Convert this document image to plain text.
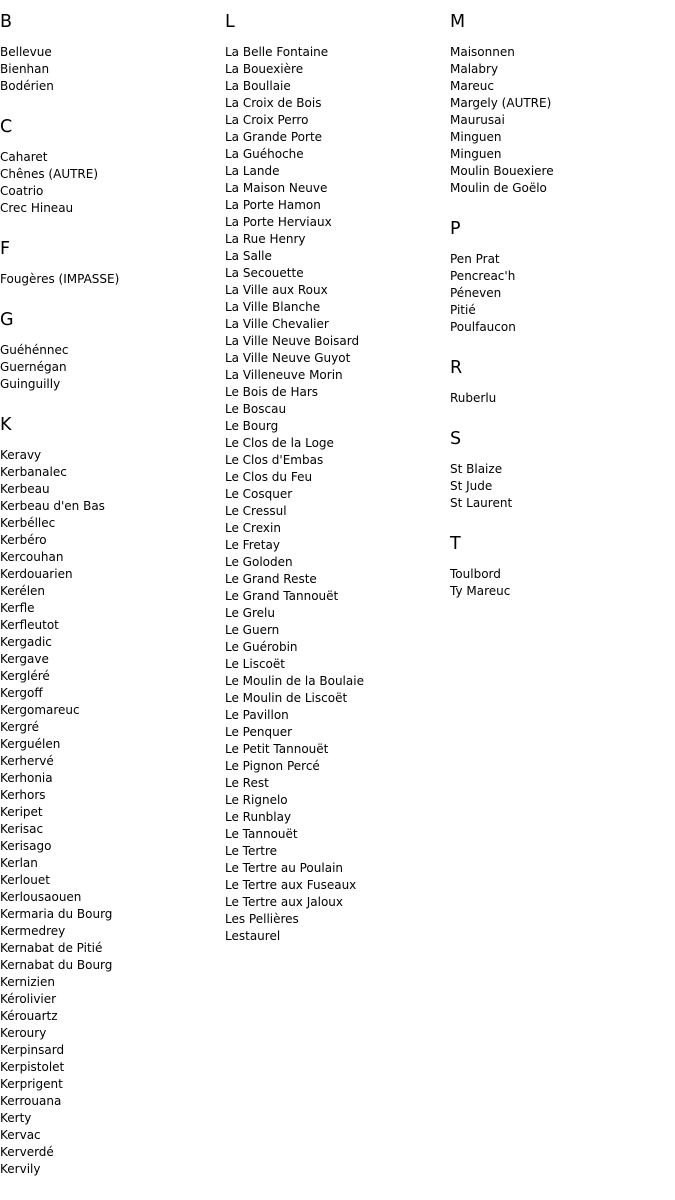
B
Bellevue
Bienhan
Bodérien
C
Caharet
Chênes (AUTRE)
Coatrio
Crec Hineau
F
Fougères (IMPASSE)
G
Guéhénnec
Guernégan
Guinguilly
K
Keravy
Kerbanalec
Kerbeau
Kerbeau d'en Bas
Kerbéllec
Kerbéro
Kercouhan
Kerdouarien
Kerélen
Kerfle
Kerfleutot
Kergadic
Kergave
Kergléré
Kergoff
Kergomareuc
Kergré
Kerguélen
Kerhervé
Kerhonia
Kerhors
Keripet
Kerisac
Kerisago
Kerlan
Kerlouet
Kerlousaouen
Kermaria du Bourg
Kermedrey
Kernabat de Pitié
Kernabat du Bourg
Kernizien
Kérolivier
Kérouartz
Keroury
Kerpinsard
Kerpistolet
Kerprigent
Kerrouana
Kerty
Kervac
Kerverdé
Kervily
L
La Belle Fontaine
La Bouexière
La Boullaie
La Croix de Bois
La Croix Perro
La Grande Porte
La Guéhoche
La Lande
La Maison Neuve
La Porte Hamon
La Porte Herviaux
La Rue Henry
La Salle
La Secouette
La Ville aux Roux
La Ville Blanche
La Ville Chevalier
La Ville Neuve Boisard
La Ville Neuve Guyot
La Villeneuve Morin
Le Bois de Hars
Le Boscau
Le Bourg
Le Clos de la Loge
Le Clos d'Embas
Le Clos du Feu
Le Cosquer
Le Cressul
Le Crexin
Le Fretay
Le Goloden
Le Grand Reste
Le Grand Tannouët
Le Grelu
Le Guern
Le Guérobin
Le Liscoët
Le Moulin de la Boulaie
Le Moulin de Liscoët
Le Pavillon
Le Penquer
Le Petit Tannouët
Le Pignon Percé
Le Rest
Le Rignelo
Le Runblay
Le Tannouët
Le Tertre
Le Tertre au Poulain
Le Tertre aux Fuseaux
Le Tertre aux Jaloux
Les Pellières
Lestaurel
M
Maisonnen
Malabry
Mareuc
Margely (AUTRE)
Maurusai
Minguen
Minguen
Moulin Bouexiere
Moulin de Goëlo
P
Pen Prat
Pencreac'h
Péneven
Pitié
Poulfaucon
R
Ruberlu
S
St Blaize
St Jude
St Laurent
T
Toulbord
Ty Mareuc
